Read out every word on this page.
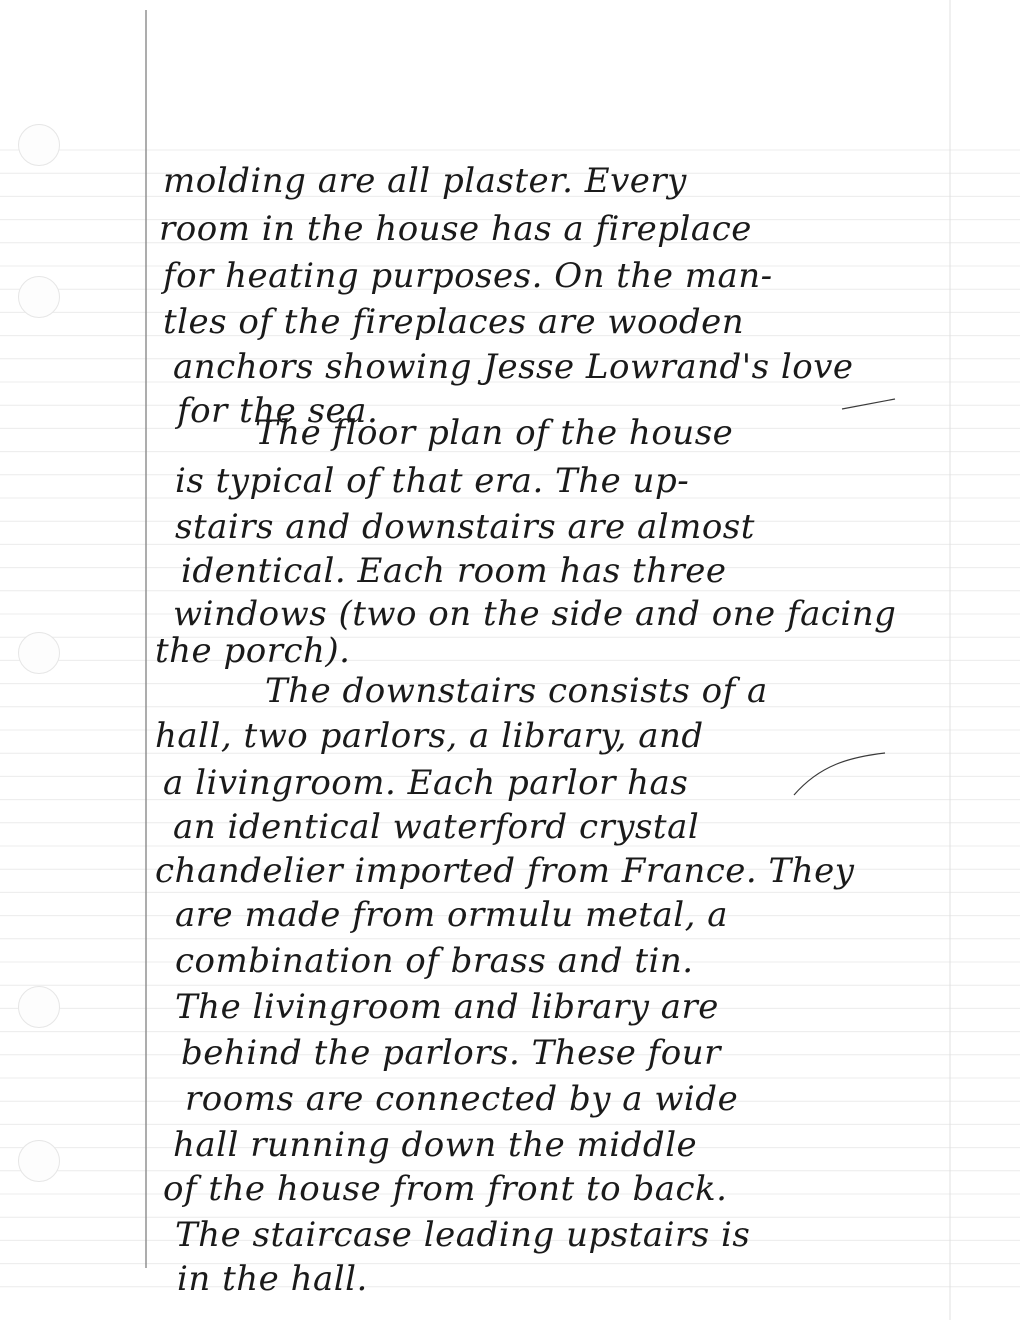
molding are all plaster. Every
room in the house has a fireplace
for heating purposes. On the man-
tles of the fireplaces are wooden
anchors showing Jesse Lowrand's love
for the sea.
The floor plan of the house
is typical of that era. The up-
stairs and downstairs are almost
identical. Each room has three
windows (two on the side and one facing
the porch).
The downstairs consists of a
hall, two parlors, a library, and
a livingroom. Each parlor has
an identical waterford crystal
chandelier imported from France. They
are made from ormulu metal, a
combination of brass and tin.
The livingroom and library are
behind the parlors. These four
rooms are connected by a wide
hall running down the middle
of the house from front to back.
The staircase leading upstairs is
in the hall.
